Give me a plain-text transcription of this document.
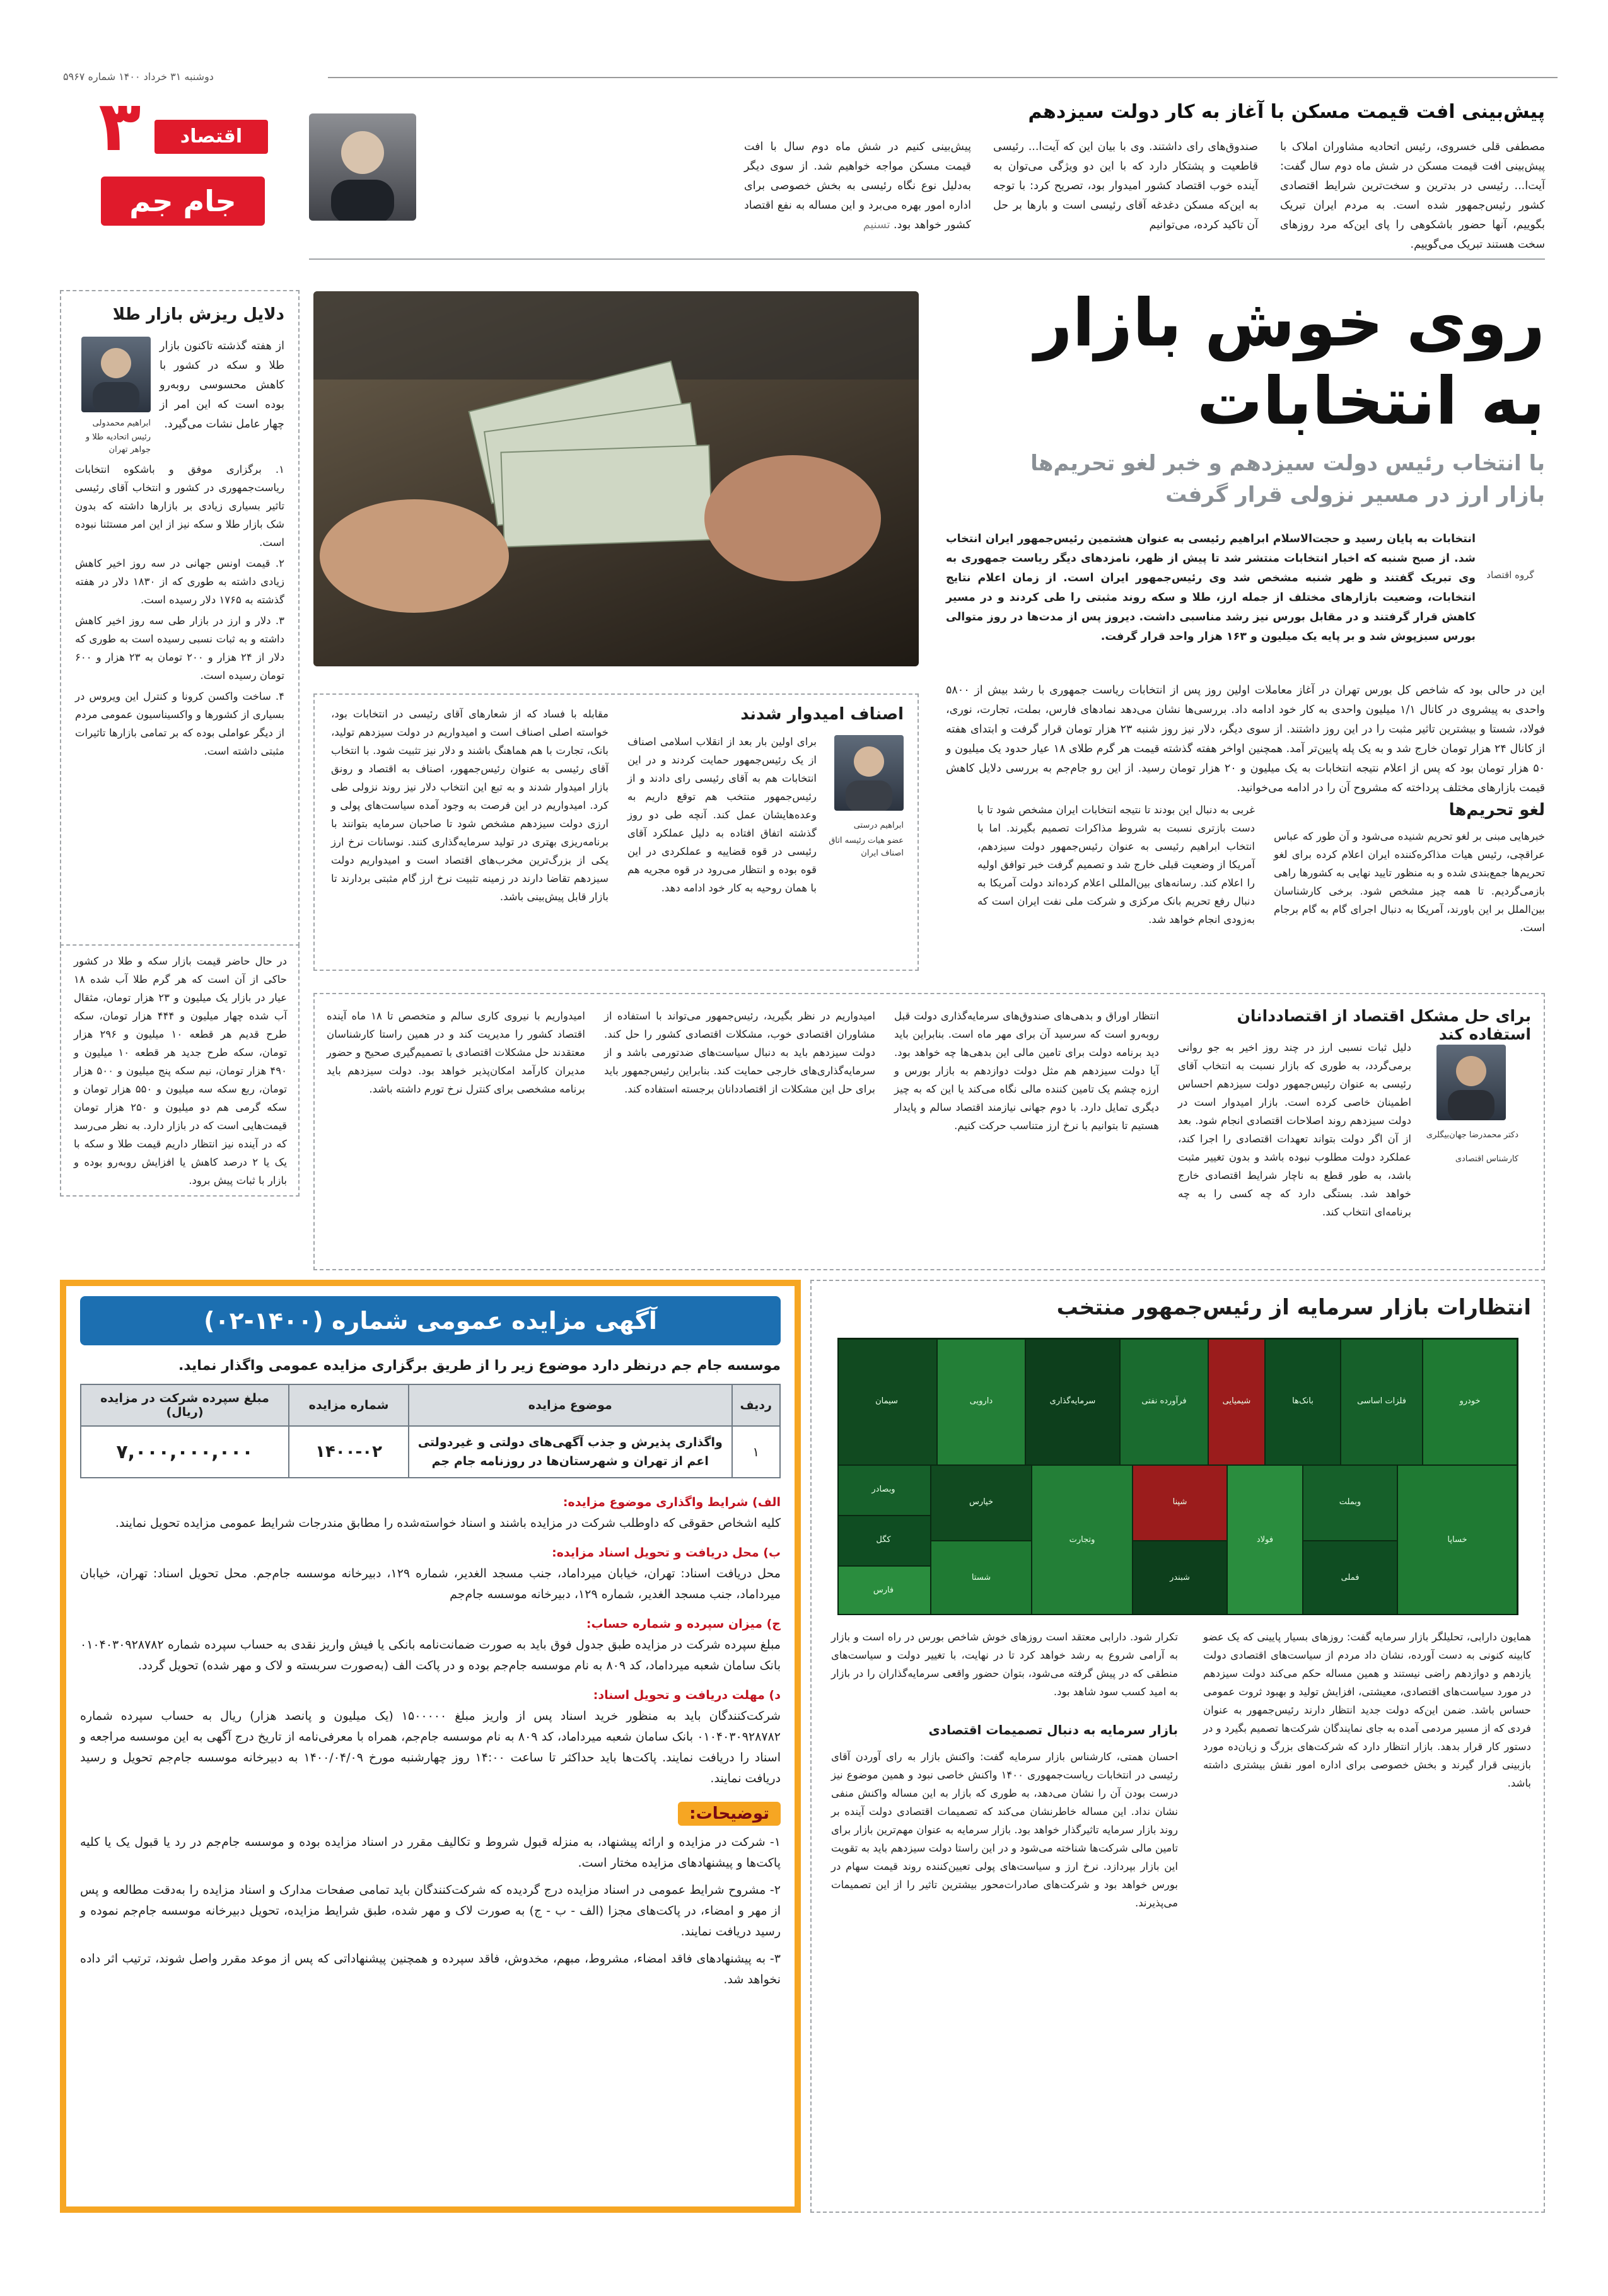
دوشنبه ۳۱ خرداد ۱۴۰۰ شماره ۵۹۶۷
۳	اقتصاد
جام جم
پیش‌بینی افت قیمت مسکن با آغاز به کار دولت سیزدهم
مصطفی قلی خسروی، رئیس اتحادیه مشاوران املاک با پیش‌بینی افت قیمت مسکن در شش ماه دوم سال گفت: آیت‌ا... رئیسی در بدترین و سخت‌ترین شرایط اقتصادی کشور رئیس‌جمهور شده است. به مردم ایران تبریک بگوییم، آنها حضور باشکوهی را پای این‌که مرد روزهای سخت هستند تبریک می‌گوییم.
صندوق‌های رای داشتند. وی با بیان این که آیت‌ا... رئیسی قاطعیت و پشتکار دارد که با این دو ویژگی می‌توان به آینده خوب اقتصاد کشور امیدوار بود، تصریح کرد: با توجه به این‌که مسکن دغدغه آقای رئیسی است و بارها بر حل آن تاکید کرده، می‌توانیم
پیش‌بینی کنیم در شش ماه دوم سال با افت قیمت مسکن مواجه خواهیم شد. از سوی دیگر به‌دلیل نوع نگاه رئیسی به بخش خصوصی برای اداره امور بهره می‌برد و این مساله به نفع اقتصاد کشور خواهد بود. تسنیم
روی خوش بازار
به انتخابات
با انتخاب رئیس دولت سیزدهم و خبر لغو تحریم‌ها
بازار ارز در مسیر نزولی قرار گرفت
گروه اقتصاد
انتخابات به پایان رسید و حجت‌الاسلام ابراهیم رئیسی به عنوان هشتمین رئیس‌جمهور ایران انتخاب شد. از صبح شنبه که اخبار انتخابات منتشر شد تا پیش از ظهر، نامزدهای دیگر ریاست جمهوری به وی تبریک گفتند و ظهر شنبه مشخص شد وی رئیس‌جمهور ایران است. از زمان اعلام نتایج انتخابات، وضعیت بازارهای مختلف از جمله ارز، طلا و سکه روند مثبتی را طی کردند و در مسیر کاهش قرار گرفتند و در مقابل بورس نیز رشد مناسبی داشت. دیروز پس از مدت‌ها در روز متوالی بورس سبزپوش شد و بر پایه یک میلیون و ۱۶۳ هزار واحد قرار گرفت.
این در حالی بود که شاخص کل بورس تهران در آغاز معاملات اولین روز پس از انتخابات ریاست جمهوری با رشد بیش از ۵۸۰۰ واحدی به پیشروی در کانال ۱/۱ میلیون واحدی به کار خود ادامه داد. بررسی‌ها نشان می‌دهد نمادهای فارس، بملت، تجارت، نوری، فولاد، شستا و بیشترین تاثیر مثبت را در این روز داشتند. از سوی دیگر، دلار نیز روز شنبه ۲۳ هزار تومان قرار گرفت و ابتدای هفته از کانال ۲۴ هزار تومان خارج شد و به یک پله پایین‌تر آمد. همچنین اواخر هفته گذشته قیمت هر گرم طلای ۱۸ عیار حدود یک میلیون و ۵۰ هزار تومان بود که پس از اعلام نتیجه انتخابات به یک میلیون و ۲۰ هزار تومان رسید. از این رو جام‌جم به بررسی دلایل کاهش قیمت بازارهای مختلف پرداخته که مشروح آن را در ادامه می‌خوانید.
دلایل ریزش بازار طلا
از هفته گذشته تاکنون بازار طلا و سکه در کشور با کاهش محسوسی روبه‌رو بوده است که این امر از چهار عامل نشات می‌گیرد.
ابراهیم محمدولی
رئیس اتحادیه طلا و جواهر تهران

۱. برگزاری موفق و باشکوه انتخابات ریاست‌جمهوری در کشور و انتخاب آقای رئیسی تاثیر بسیاری زیادی بر بازارها داشته که بدون شک بازار طلا و سکه نیز از این امر مستثنا نبوده است.

۲. قیمت اونس جهانی در سه روز اخیر کاهش زیادی داشته به طوری که از ۱۸۳۰ دلار در هفته گذشته به ۱۷۶۵ دلار رسیده است.

۳. دلار و ارز در بازار طی سه روز اخیر کاهش داشته و به ثبات نسبی رسیده است به طوری که دلار از ۲۴ هزار و ۲۰۰ تومان به ۲۳ هزار و ۶۰۰ تومان رسیده است.

۴. ساخت واکسن کرونا و کنترل این ویروس در بسیاری از کشورها و واکسیناسیون عمومی مردم از دیگر عواملی بوده که بر تمامی بازارها تاثیرات مثبتی داشته است.

در حال حاضر قیمت بازار سکه و طلا در کشور حاکی از آن است که هر گرم طلا آب شده ۱۸ عیار در بازار یک میلیون و ۲۳ هزار تومان، مثقال آب شده چهار میلیون و ۴۴۴ هزار تومان، سکه طرح قدیم هر قطعه ۱۰ میلیون و ۲۹۶ هزار تومان، سکه طرح جدید هر قطعه ۱۰ میلیون و ۴۹۰ هزار تومان، نیم سکه پنج میلیون و ۵۰۰ هزار تومان، ربع سکه سه میلیون و ۵۵۰ هزار تومان و سکه گرمی هم دو میلیون و ۲۵۰ هزار تومان قیمت‌هایی است که در بازار دارد. به نظر می‌رسد که در آینده نیز انتظار داریم قیمت طلا و سکه با یک یا ۲ درصد کاهش یا افزایش روبه‌رو بوده و بازار با ثبات پیش برود.
اصناف امیدوار شدند
ابراهیم درستی
عضو هیات رئیسه اتاق اصناف ایران
برای اولین بار بعد از انقلاب اسلامی اصناف از یک رئیس‌جمهور حمایت کردند و در این انتخابات هم به آقای رئیسی رای دادند و از رئیس‌جمهور منتخب هم توقع داریم به وعده‌هایشان عمل کند. آنچه طی دو روز گذشته اتفاق افتاده به دلیل عملکرد آقای رئیسی در قوه قضاییه و عملکردی در این قوه بوده و انتظار می‌رود در قوه مجریه هم با همان روحیه به کار خود ادامه دهد.
مقابله با فساد که از شعارهای آقای رئیسی در انتخابات بود، خواسته اصلی اصناف است و امیدواریم در دولت سیزدهم تولید، بانک، تجارت با هم هماهنگ باشند و دلار نیز تثبیت شود. با انتخاب آقای رئیسی به عنوان رئیس‌جمهور، اصناف به اقتصاد و رونق بازار امیدوار شدند و به تبع این انتخاب دلار نیز روند نزولی طی کرد. امیدواریم در این فرصت به وجود آمده سیاست‌های پولی و ارزی دولت سیزدهم مشخص شود تا صاحبان سرمایه بتوانند با برنامه‌ریزی بهتری در تولید سرمایه‌گذاری کنند. نوسانات نرخ ارز یکی از بزرگ‌ترین مخرب‌های اقتصاد است و امیدواریم دولت سیزدهم تقاضا دارند در زمینه تثبیت نرخ ارز گام مثبتی بردارند تا بازار قابل پیش‌بینی باشد.
لغو تحریم‌ها
خبرهایی مبنی بر لغو تحریم شنیده می‌شود و آن طور که عباس عراقچی، رئیس هیات مذاکره‌کننده ایران اعلام کرده برای لغو تحریم‌ها جمع‌بندی شده و به منظور تایید نهایی به کشورها راهی بازمی‌گردیم. تا همه چیز مشخص شود. برخی کارشناسان بین‌الملل بر این باورند، آمریکا به دنبال اجرای گام به گام برجام است.
غربی به دنبال این بودند تا نتیجه انتخابات ایران مشخص شود تا با دست بازتری نسبت به شروط مذاکرات تصمیم بگیرند. اما با انتخاب ابراهیم رئیسی به عنوان رئیس‌جمهور دولت سیزدهم، آمریکا از وضعیت قبلی خارج شد و تصمیم گرفت خبر توافق اولیه را اعلام کند. رسانه‌های بین‌المللی اعلام کرده‌اند دولت آمریکا به دنبال رفع تحریم بانک مرکزی و شرکت ملی نفت ایران است که به‌زودی انجام خواهد شد.
برای حل مشکل اقتصاد از اقتصاددانان استفاده کند
دکتر محمدرضا جهان‌بیگلری
کارشناس اقتصادی
دلیل ثبات نسبی ارز در چند روز اخیر به جو روانی برمی‌گردد، به طوری که بازار نسبت به انتخاب آقای رئیسی به عنوان رئیس‌جمهور دولت سیزدهم احساس اطمینان خاصی کرده است. بازار امیدوار است در دولت سیزدهم روند اصلاحات اقتصادی انجام شود. بعد از آن اگر دولت بتواند تعهدات اقتصادی را اجرا کند، عملکرد دولت مطلوب نبوده باشد و بدون تغییر مثبت باشد، به طور قطع به ناچار شرایط اقتصادی خارج خواهد شد. بستگی دارد که چه کسی را به چه برنامه‌ای انتخاب کند.
انتظار اوراق و بدهی‌های صندوق‌های سرمایه‌گذاری دولت قبل روبه‌رو است که سرسید آن برای مهر ماه است. بنابراین باید دید برنامه دولت برای تامین مالی این بدهی‌ها چه خواهد بود. آیا دولت سیزدهم هم مثل دولت دوازدهم به بازار بورس و ارزه چشم یک تامین کننده مالی نگاه می‌کند یا این که به چیز دیگری تمایل دارد. با دوم جهانی نیازمند اقتصاد سالم و پایدار هستیم تا بتوانیم با نرخ ارز متناسب حرکت کنیم.
امیدواریم در نظر بگیرید، رئیس‌جمهور می‌تواند با استفاده از مشاوران اقتصادی خوب، مشکلات اقتصادی کشور را حل کند. دولت سیزدهم باید به دنبال سیاست‌های ضدتورمی باشد و از سرمایه‌گذاری‌های خارجی حمایت کند. بنابراین رئیس‌جمهور باید برای حل این مشکلات از اقتصاددانان برجسته استفاده کند.
امیدواریم با نیروی کاری سالم و متخصص تا ۱۸ ماه آینده اقتصاد کشور را مدیریت کند و در همین راستا کارشناسان معتقدند حل مشکلات اقتصادی با تصمیم‌گیری صحیح و حضور مدیران کارآمد امکان‌پذیر خواهد بود. دولت سیزدهم باید برنامه مشخصی برای کنترل نرخ تورم داشته باشد.
آگهی مزایده عمومی شماره (۱۴۰۰-۰۲)
موسسه جام جم درنظر دارد موضوع زیر را از طریق برگزاری مزایده عمومی واگذار نماید.
ردیف	موضوع مزایده	شماره مزایده	مبلغ سپرده شرکت در مزایده (ریال)
۱	واگذاری پذیرش و جذب آگهی‌های دولتی و غیردولتی اعم از تهران و شهرستان‌ها در روزنامه جام جم	۱۴۰۰-۰۲	۷,۰۰۰,۰۰۰,۰۰۰
الف) شرایط واگذاری موضوع مزایده:
کلیه اشخاص حقوقی که داوطلب شرکت در مزایده باشند و اسناد خواسته‌شده را مطابق مندرجات شرایط عمومی مزایده تحویل نمایند.
ب) محل دریافت و تحویل اسناد مزایده:
محل دریافت اسناد: تهران، خیابان میرداماد، جنب مسجد الغدیر، شماره ۱۲۹، دبیرخانه موسسه جام‌جم. محل تحویل اسناد: تهران، خیابان میرداماد، جنب مسجد الغدیر، شماره ۱۲۹، دبیرخانه موسسه جام‌جم
ج) میزان سپرده و شماره حساب:
مبلغ سپرده شرکت در مزایده طبق جدول فوق باید به صورت ضمانت‌نامه بانکی یا فیش واریز نقدی به حساب سپرده شماره ۰۱۰۴۰۳۰۹۲۸۷۸۲ بانک سامان شعبه میرداماد، کد ۸۰۹ به نام موسسه جام‌جم بوده و در پاکت الف (به‌صورت سربسته و لاک و مهر شده) تحویل گردد.
د) مهلت دریافت و تحویل اسناد:
شرکت‌کنندگان باید به منظور خرید اسناد پس از واریز مبلغ ۱۵۰۰۰۰۰ (یک میلیون و پانصد هزار) ریال به حساب سپرده شماره ۰۱۰۴۰۳۰۹۲۸۷۸۲ بانک سامان شعبه میرداماد، کد ۸۰۹ به نام موسسه جام‌جم، همراه با معرفی‌نامه از تاریخ درج آگهی به این موسسه مراجعه و اسناد را دریافت نمایند. پاکت‌ها باید حداکثر تا ساعت ۱۴:۰۰ روز چهارشنبه مورخ ۱۴۰۰/۰۴/۰۹ به دبیرخانه موسسه جام‌جم تحویل و رسید دریافت نمایند.
توضیحات:

۱- شرکت در مزایده و ارائه پیشنهاد، به منزله قبول شروط و تکالیف مقرر در اسناد مزایده بوده و موسسه جام‌جم در رد یا قبول یک یا کلیه پاکت‌ها و پیشنهادهای مزایده مختار است.

۲- مشروح شرایط عمومی در اسناد مزایده درج گردیده که شرکت‌کنندگان باید تمامی صفحات مدارک و اسناد مزایده را به‌دقت مطالعه و پس از مهر و امضاء، در پاکت‌های مجزا (الف - ب - ج) به صورت لاک و مهر شده، طبق شرایط مزایده، تحویل دبیرخانه موسسه جام‌جم نموده و رسید دریافت نمایند.

۳- به پیشنهادهای فاقد امضاء، مشروط، مبهم، مخدوش، فاقد سپرده و همچنین پیشنهاداتی که پس از موعد مقرر واصل شوند، ترتیب اثر داده نخواهد شد.

انتظارات بازار سرمایه از رئیس‌جمهور منتخب
خودرو
فلزات اساسی
بانک‌ها
شیمیایی
فرآورده نفتی
سرمایه‌گذاری
دارویی
سیمان
خساپا
وبملت
فملی
فولاد
شپنا
شبندر
وتجارت
خپارس
شستا
وبصادر
کگل
فارس
همایون دارابی، تحلیلگر بازار سرمایه گفت: روزهای بسیار پایینی که یک عضو کابینه کنونی به دست آورده، نشان داد مردم از سیاست‌های اقتصادی دولت یازدهم و دوازدهم راضی نیستند و همین مساله حکم می‌کند دولت سیزدهم در مورد سیاست‌های اقتصادی، معیشتی، افزایش تولید و بهبود ثروت عمومی حساس باشد. ضمن این‌که دولت جدید انتظار دارند رئیس‌جمهور به عنوان فردی که از مسیر مردمی آمده به جای نمایندگان شرکت‌ها تصمیم بگیرد و در دستور کار قرار بدهد. بازار انتظار دارد که شرکت‌های بزرگ و زیان‌ده مورد بازبینی قرار گیرند و بخش خصوصی برای اداره امور نقش بیشتری داشته باشد.
تکرار شود. دارابی معتقد است روزهای خوش شاخص بورس در راه است و بازار به آرامی شروع به رشد خواهد کرد تا در نهایت، با تغییر دولت و سیاست‌های منطقی که در پیش گرفته می‌شود، بتوان حضور واقعی سرمایه‌گذاران را در بازار به امید کسب سود شاهد بود.
بازار سرمایه به دنبال تصمیمات اقتصادی
احسان همتی، کارشناس بازار سرمایه گفت: واکنش بازار به رای آوردن آقای رئیسی در انتخابات ریاست‌جمهوری ۱۴۰۰ واکنش خاصی نبود و همین موضوع نیز درست بودن آن را نشان می‌دهد، به طوری که بازار به این مساله واکنش منفی نشان نداد. این مساله خاطرنشان می‌کند که تصمیمات اقتصادی دولت آینده بر روند بازار سرمایه تاثیرگذار خواهد بود. بازار سرمایه به عنوان مهم‌ترین بازار برای تامین مالی شرکت‌ها شناخته می‌شود و در این راستا دولت سیزدهم باید به تقویت این بازار بپردازد. نرخ ارز و سیاست‌های پولی تعیین‌کننده روند قیمت سهام در بورس خواهد بود و شرکت‌های صادرات‌محور بیشترین تاثیر را از این تصمیمات می‌پذیرند.
